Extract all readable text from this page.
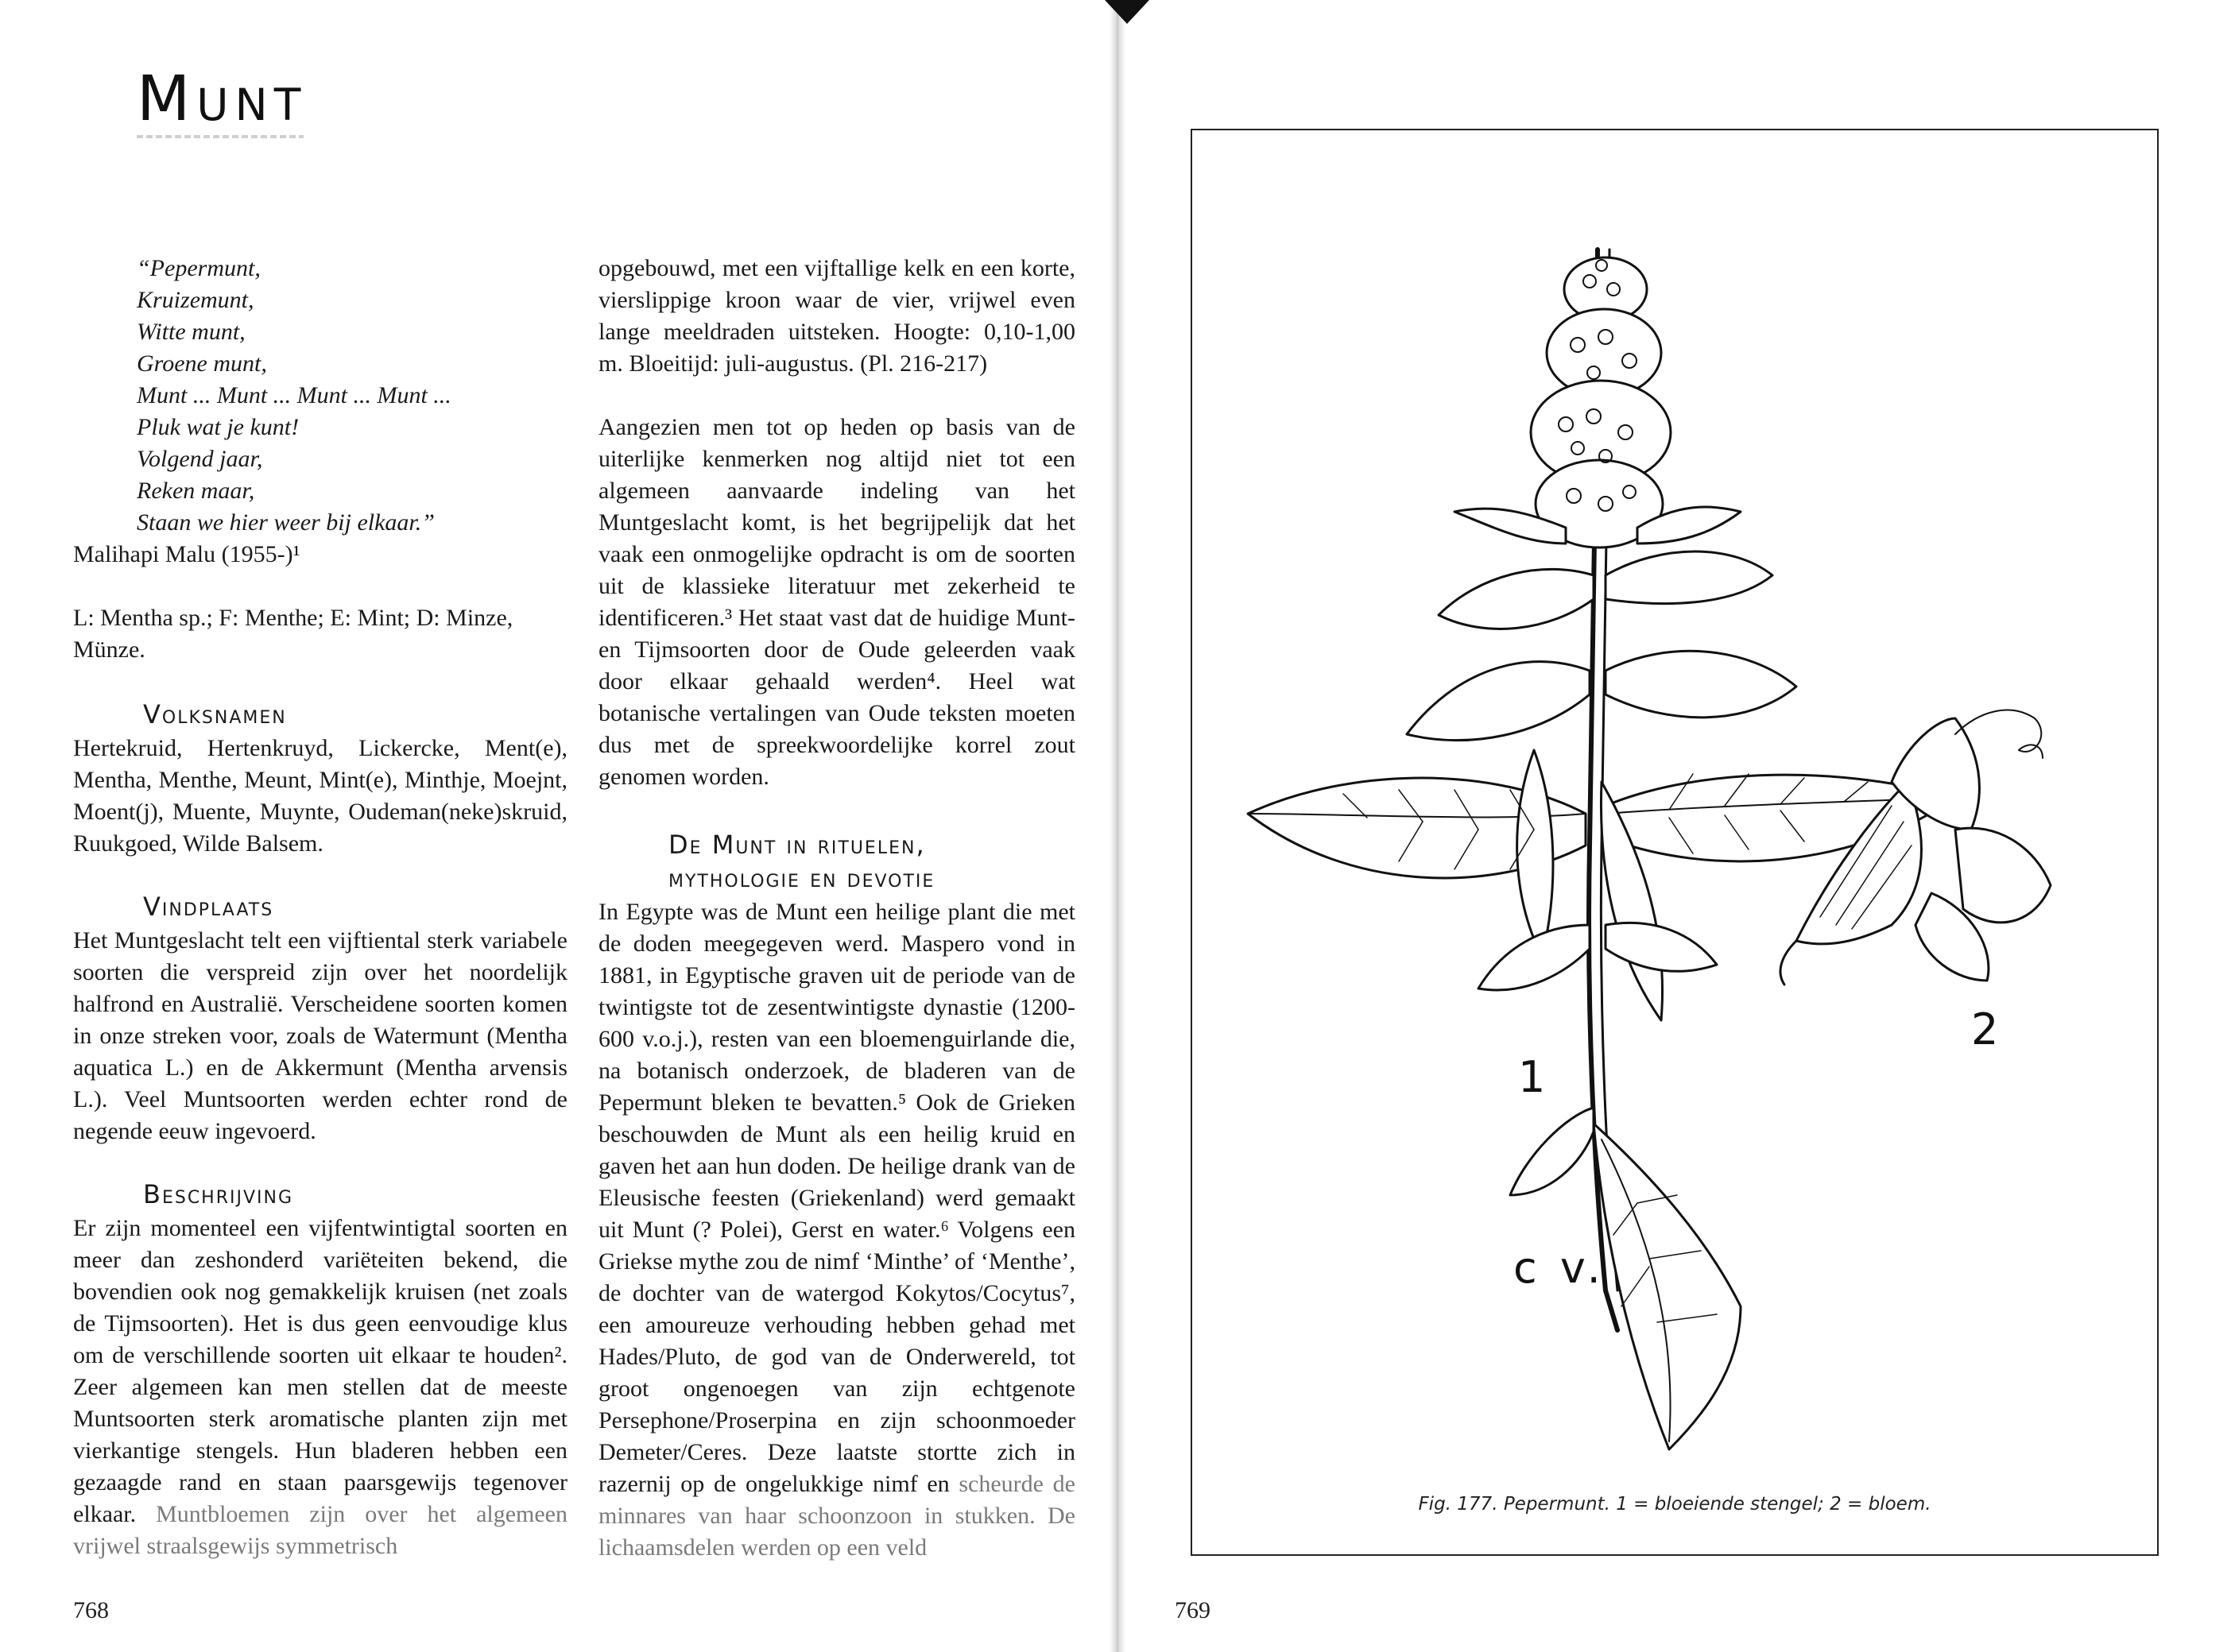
Munt
“Pepermunt,
Kruizemunt,
Witte munt,
Groene munt,
Munt ... Munt ... Munt ... Munt ...
Pluk wat je kunt!
Volgend jaar,
Reken maar,
Staan we hier weer bij elkaar.”

Malihapi Malu (1955-)¹

L: Mentha sp.; F: Menthe; E: Mint; D: Minze, Münze.

Volksnamen

Hertekruid, Hertenkruyd, Lickercke, Ment(e), Mentha, Menthe, Meunt, Mint(e), Minthje, Moejnt, Moent(j), Muente, Muynte, Oudeman(neke)skruid, Ruukgoed, Wilde Balsem.

Vindplaats

Het Muntgeslacht telt een vijftiental sterk variabele soorten die verspreid zijn over het noordelijk halfrond en Australië. Verscheidene soorten komen in onze streken voor, zoals de Watermunt (Mentha aquatica L.) en de Akkermunt (Mentha arvensis L.). Veel Muntsoorten werden echter rond de negende eeuw ingevoerd.

Beschrijving

Er zijn momenteel een vijfentwintigtal soorten en meer dan zeshonderd variëteiten bekend, die bovendien ook nog gemakkelijk kruisen (net zoals de Tijmsoorten). Het is dus geen eenvoudige klus om de verschillende soorten uit elkaar te houden². Zeer algemeen kan men stellen dat de meeste Muntsoorten sterk aromatische planten zijn met vierkantige stengels. Hun bladeren hebben een gezaagde rand en staan paarsgewijs tegenover elkaar. Muntbloemen zijn over het algemeen vrijwel straalsgewijs symmetrisch

opgebouwd, met een vijftallige kelk en een korte, vierslippige kroon waar de vier, vrijwel even lange meeldraden uitsteken. Hoogte: 0,10-1,00 m. Bloeitijd: juli-augustus. (Pl. 216-217)

Aangezien men tot op heden op basis van de uiterlijke kenmerken nog altijd niet tot een algemeen aanvaarde indeling van het Muntgeslacht komt, is het begrijpelijk dat het vaak een onmogelijke opdracht is om de soorten uit de klassieke literatuur met zekerheid te identificeren.³ Het staat vast dat de huidige Munt- en Tijmsoorten door de Oude geleerden vaak door elkaar gehaald werden⁴. Heel wat botanische vertalingen van Oude teksten moeten dus met de spreekwoordelijke korrel zout genomen worden.

De Munt in rituelen,
mythologie en devotie

In Egypte was de Munt een heilige plant die met de doden meegegeven werd. Maspero vond in 1881, in Egyptische graven uit de periode van de twintigste tot de zesentwintigste dynastie (1200-600 v.o.j.), resten van een bloemenguirlande die, na botanisch onderzoek, de bladeren van de Pepermunt bleken te bevatten.⁵ Ook de Grieken beschouwden de Munt als een heilig kruid en gaven het aan hun doden. De heilige drank van de Eleusische feesten (Griekenland) werd gemaakt uit Munt (? Polei), Gerst en water.⁶ Volgens een Griekse mythe zou de nimf ‘Minthe’ of ‘Menthe’, de dochter van de watergod Kokytos/Cocytus⁷, een amoureuze verhouding hebben gehad met Hades/Pluto, de god van de Onderwereld, tot groot ongenoegen van zijn echtgenote Persephone/Proserpina en zijn schoonmoeder Demeter/Ceres. Deze laatste stortte zich in razernij op de ongelukkige nimf en scheurde de minnares van haar schoonzoon in stukken. De lichaamsdelen werden op een veld

768	769
1
2
c v.
Fig. 177. Pepermunt. 1 = bloeiende stengel; 2 = bloem.
